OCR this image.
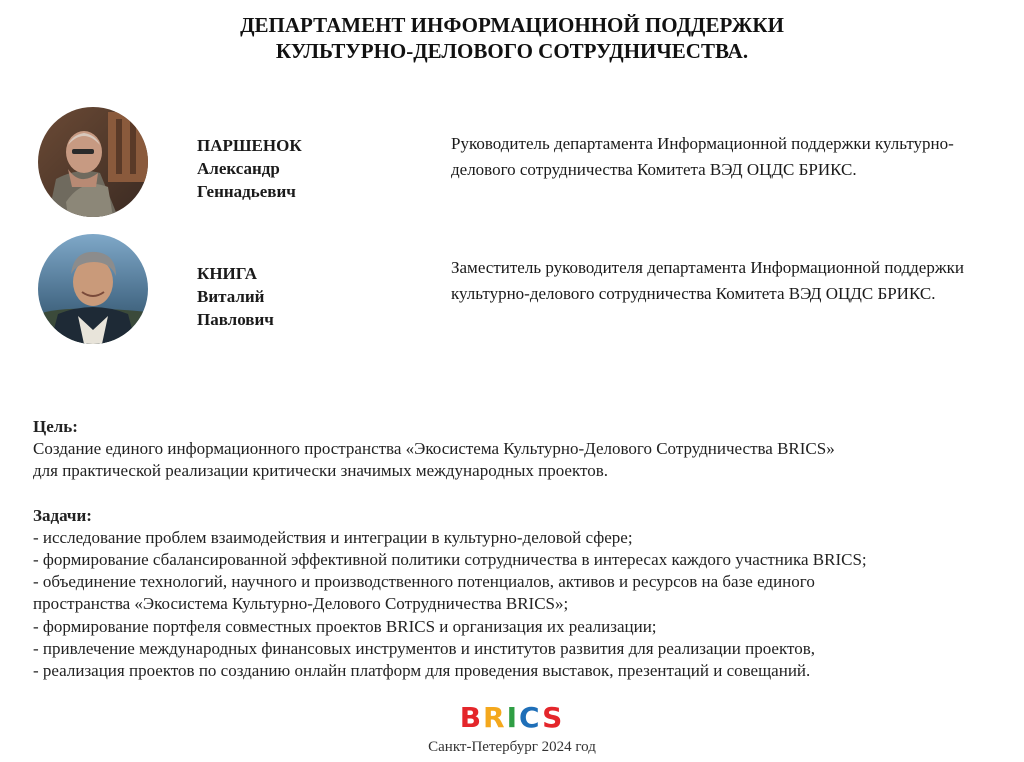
ДЕПАРТАМЕНТ ИНФОРМАЦИОННОЙ ПОДДЕРЖКИ
КУЛЬТУРНО-ДЕЛОВОГО СОТРУДНИЧЕСТВА.
ПАРШЕНОК
Александр
Геннадьевич
Руководитель департамента Информационной поддержки культурно-делового сотрудничества Комитета ВЭД ОЦДС БРИКС.
КНИГА
Виталий
Павлович
Заместитель руководителя департамента Информационной поддержки культурно-делового сотрудничества Комитета ВЭД ОЦДС БРИКС.
Цель:
Создание единого информационного пространства «Экосистема Культурно-Делового Сотрудничества BRICS»
для практической реализации критически значимых международных проектов.
Задачи:
- исследование проблем взаимодействия и интеграции в культурно-деловой сфере;
- формирование сбалансированной эффективной политики сотрудничества в интересах каждого участника BRICS;
- объединение технологий, научного и производственного потенциалов, активов и ресурсов на базе единого
пространства «Экосистема Культурно-Делового Сотрудничества BRICS»;
- формирование портфеля совместных проектов BRICS и организация их реализации;
- привлечение международных финансовых инструментов и институтов развития для реализации проектов,
- реализация проектов по созданию онлайн платформ для проведения выставок, презентаций и совещаний.
BRICS
Санкт-Петербург 2024 год
